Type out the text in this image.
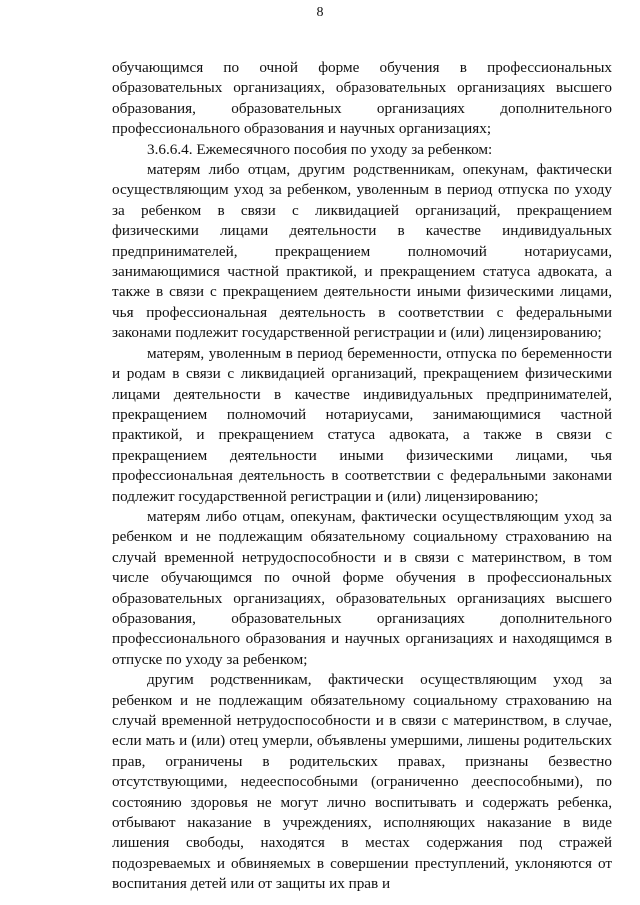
8

обучающимся по очной форме обучения в профессиональных образовательных организациях, образовательных организациях высшего образования, образовательных организациях дополнительного профессионального образования и научных организациях;

3.6.6.4. Ежемесячного пособия по уходу за ребенком:

матерям либо отцам, другим родственникам, опекунам, фактически осуществляющим уход за ребенком, уволенным в период отпуска по уходу за ребенком в связи с ликвидацией организаций, прекращением физическими лицами деятельности в качестве индивидуальных предпринимателей, прекращением полномочий нотариусами, занимающимися частной практикой, и прекращением статуса адвоката, а также в связи с прекращением деятельности иными физическими лицами, чья профессиональная деятельность в соответствии с федеральными законами подлежит государственной регистрации и (или) лицензированию;

матерям, уволенным в период беременности, отпуска по беременности и родам в связи с ликвидацией организаций, прекращением физическими лицами деятельности в качестве индивидуальных предпринимателей, прекращением полномочий нотариусами, занимающимися частной практикой, и прекращением статуса адвоката, а также в связи с прекращением деятельности иными физическими лицами, чья профессиональная деятельность в соответствии с федеральными законами подлежит государственной регистрации и (или) лицензированию;

матерям либо отцам, опекунам, фактически осуществляющим уход за ребенком и не подлежащим обязательному социальному страхованию на случай временной нетрудоспособности и в связи с материнством, в том числе обучающимся по очной форме обучения в профессиональных образовательных организациях, образовательных организациях высшего образования, образовательных организациях дополнительного профессионального образования и научных организациях и находящимся в отпуске по уходу за ребенком;

другим родственникам, фактически осуществляющим уход за ребенком и не подлежащим обязательному социальному страхованию на случай временной нетрудоспособности и в связи с материнством, в случае, если мать и (или) отец умерли, объявлены умершими, лишены родительских прав, ограничены в родительских правах, признаны безвестно отсутствующими, недееспособными (ограниченно дееспособными), по состоянию здоровья не могут лично воспитывать и содержать ребенка, отбывают наказание в учреждениях, исполняющих наказание в виде лишения свободы, находятся в местах содержания под стражей подозреваемых и обвиняемых в совершении преступлений, уклоняются от воспитания детей или от защиты их прав и
